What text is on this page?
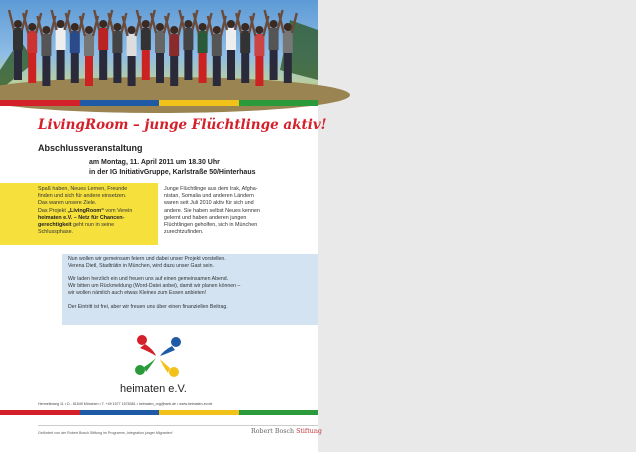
LivingRoom – junge Flüchtlinge aktiv!
Abschlussveranstaltung
am Montag, 11. April 2011 um 18.30 Uhr
in der IG InitiativGruppe, Karlstraße 50/Hinterhaus
Spaß haben, Neues Lernen, Freunde
finden und sich für andere einsetzen.
Das waren unsere Ziele.
Das Projekt „LivingRoom“ vom Verein
heimaten e.V. – Netz für Chancen-
gerechtigkeit geht nun in seine
Schlussphase.
Junge Flüchtlinge aus dem Irak, Afgha-
nistan, Somalia und anderen Ländern
waren seit Juli 2010 aktiv für sich und
andere. Sie haben selbst Neues kennen
gelernt und haben anderen jungen
Flüchtlingen geholfen, sich in München
zurechtzufinden.

Nun wollen wir gemeinsam feiern und dabei unser Projekt vorstellen.
Verena Dietl, Stadträtin in München, wird dazu unser Gast sein.

Wir laden herzlich ein und freuen uns auf einen gemeinsamen Abend.
Wir bitten um Rückmeldung (Word-Datei anbei), damit wir planen können –
wir wollen nämlich auch etwas Kleines zum Essen anbieten!

Der Eintritt ist frei, aber wir freuen uns über einen finanziellen Beitrag.

heimaten e.V.
Hermelinweg 11 • D - 81549 München • T. +49 1577 1578381 • heimaten_org@web.de • www.heimaten-ev.de
Gefördert von der Robert Bosch Stiftung im Programm „Integration junger Migranten“	Robert Bosch Stiftung
